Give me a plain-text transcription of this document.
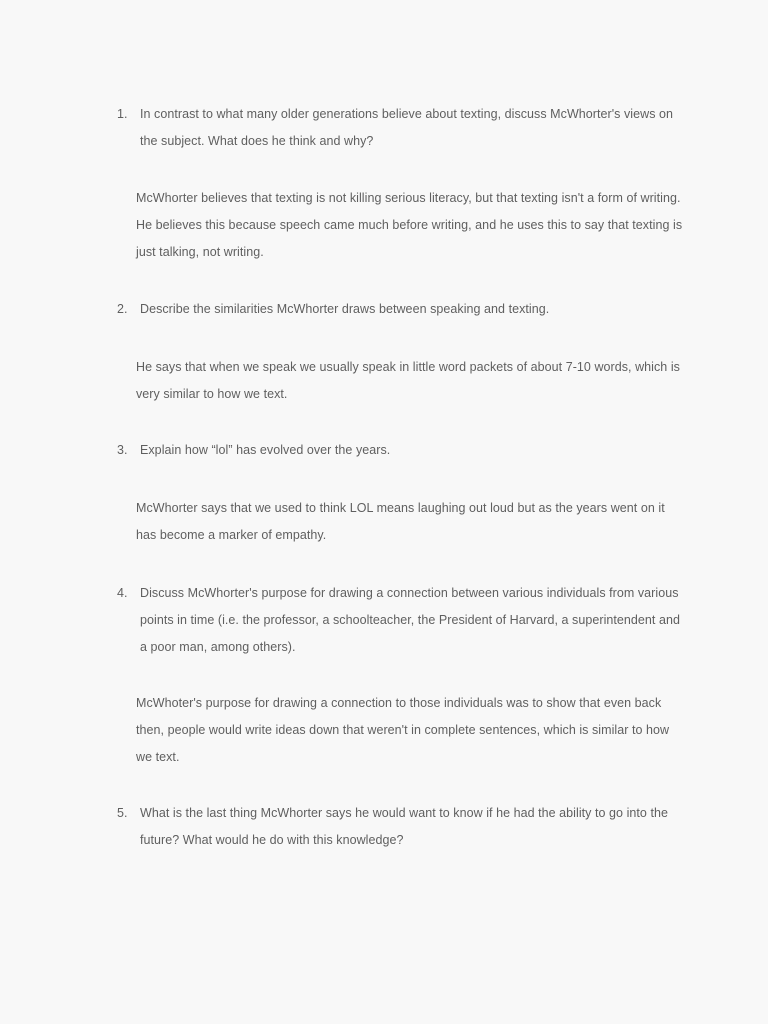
1. In contrast to what many older generations believe about texting, discuss McWhorter's views on the subject. What does he think and why?
McWhorter believes that texting is not killing serious literacy, but that texting isn't a form of writing. He believes this because speech came much before writing, and he uses this to say that texting is just talking, not writing.
2. Describe the similarities McWhorter draws between speaking and texting.
He says that when we speak we usually speak in little word packets of about 7-10 words, which is very similar to how we text.
3. Explain how “lol” has evolved over the years.
McWhorter says that we used to think LOL means laughing out loud but as the years went on it has become a marker of empathy.
4. Discuss McWhorter's purpose for drawing a connection between various individuals from various points in time (i.e. the professor, a schoolteacher, the President of Harvard, a superintendent and a poor man, among others).
McWhoter's purpose for drawing a connection to those individuals was to show that even back then, people would write ideas down that weren't in complete sentences, which is similar to how we text.
5. What is the last thing McWhorter says he would want to know if he had the ability to go into the future? What would he do with this knowledge?
